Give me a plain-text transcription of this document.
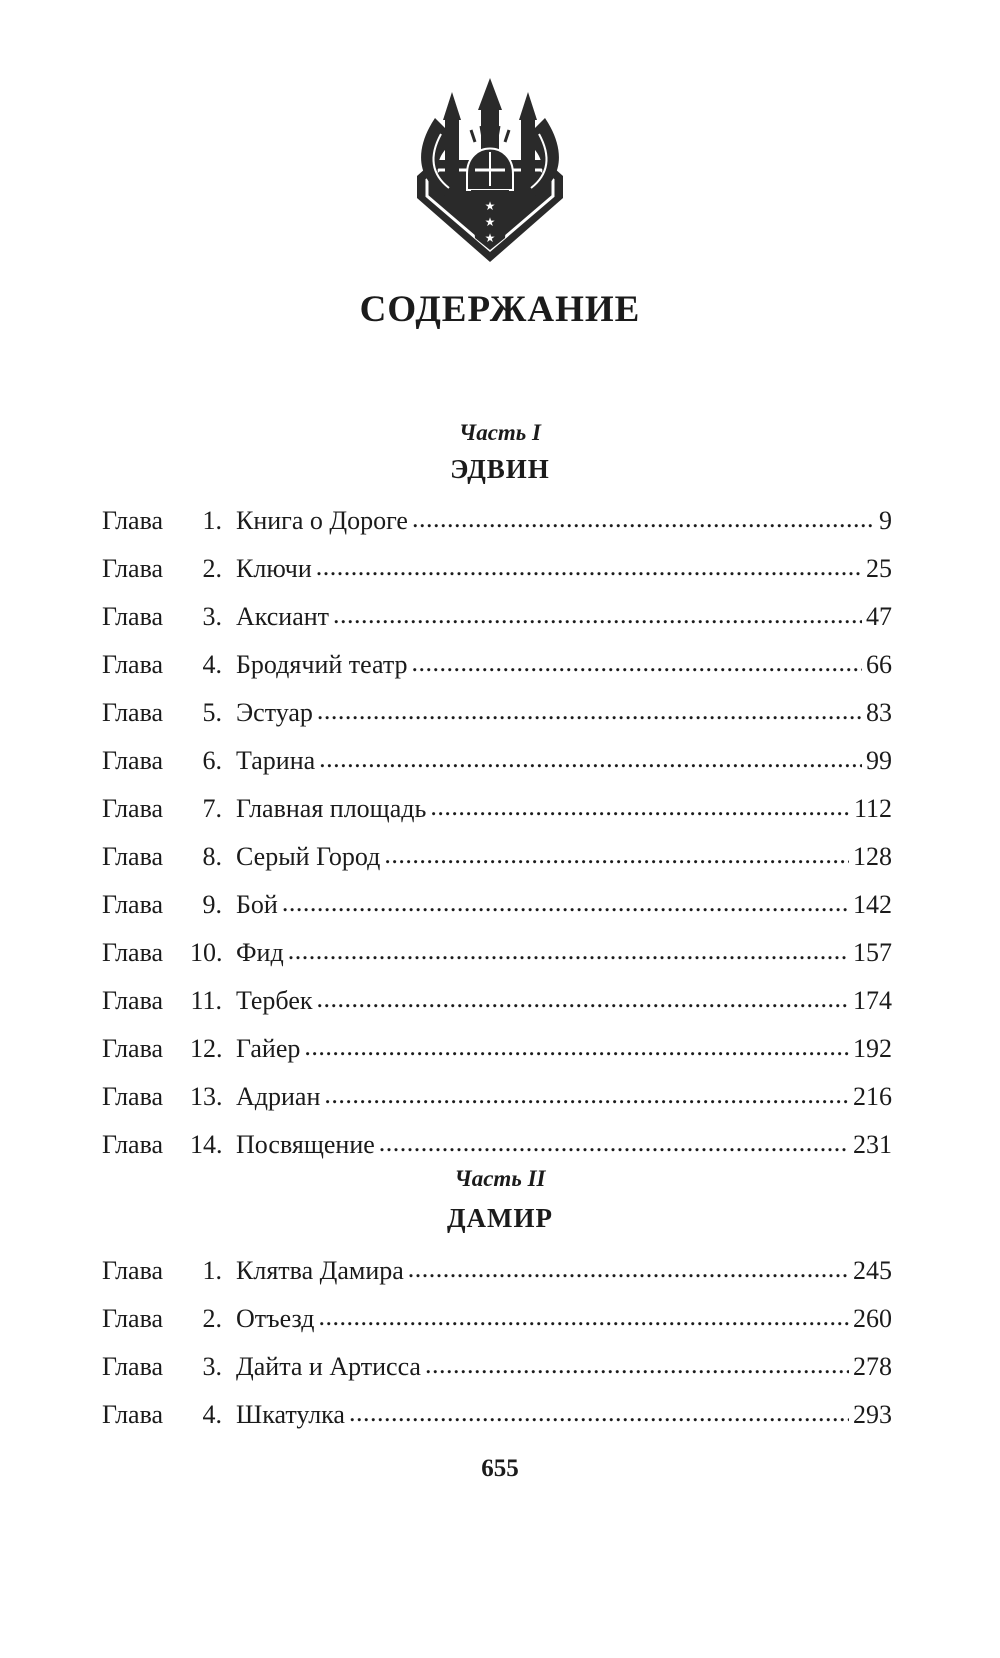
★
★
★
СОДЕРЖАНИЕ
Часть I
ЭДВИН
Глава	1. Книга о Дороге . . .	9
Глава	2. Ключи . . .	25
Глава	3. Аксиант . . .	47
Глава	4. Бродячий театр . . .	66
Глава	5. Эстуар . . .	83
Глава	6. Тарина . . .	99
Глава	7. Главная площадь . . .	112
Глава	8. Серый Город . . .	128
Глава	9. Бой . . .	142
Глава	10. Фид . . .	157
Глава	11. Тербек . . .	174
Глава	12. Гайер . . .	192
Глава	13. Адриан . . .	216
Глава	14. Посвящение . . .	231
Часть II
ДАМИР
Глава	1. Клятва Дамира . . .	245
Глава	2. Отъезд . . .	260
Глава	3. Дайта и Артисса . . .	278
Глава	4. Шкатулка . . .	293
655
